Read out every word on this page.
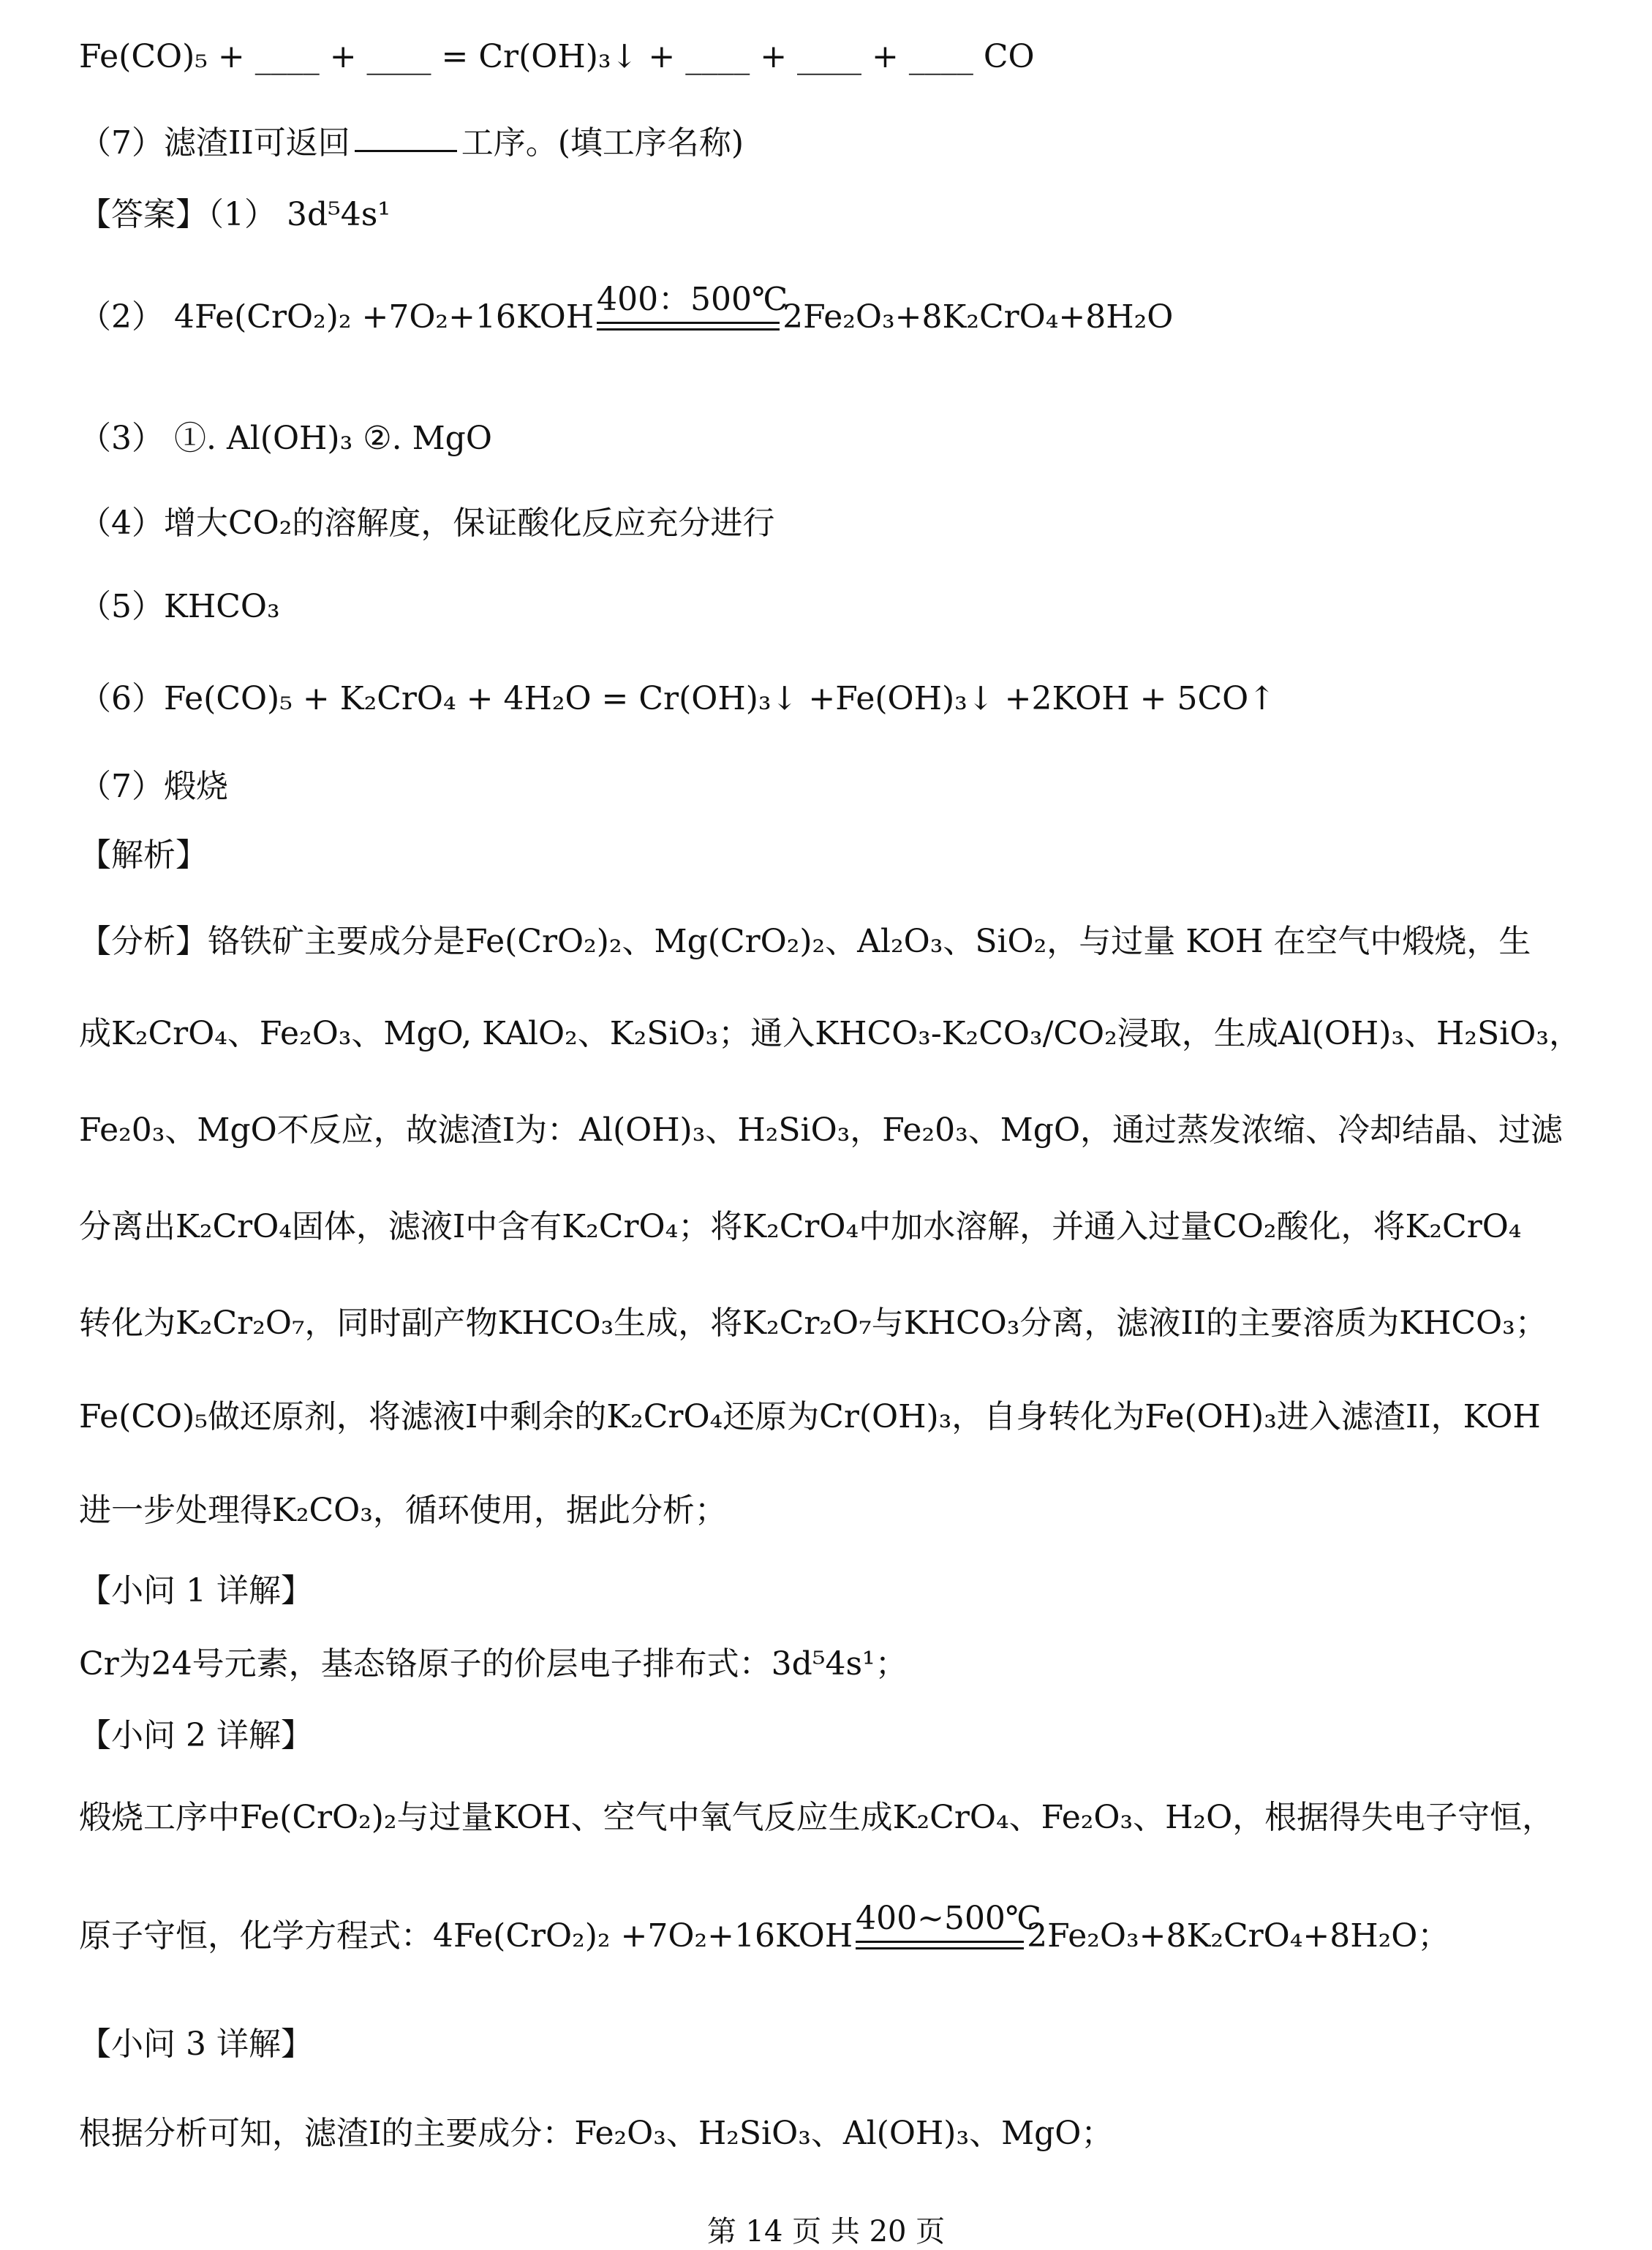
Fe(CO)₅ + ____ + ____ = Cr(OH)₃↓ + ____ + ____ + ____ CO
（7）滤渣II可返回	工序。(填工序名称)
【答案】（1） 3d⁵4s¹
（2） 4Fe(CrO₂)₂ +7O₂+16KOH 400：500℃
2Fe₂O₃+8K₂CrO₄+8H₂O
（3） ①. Al(OH)₃ ②. MgO
（4）增大CO₂的溶解度，保证酸化反应充分进行
（5）KHCO₃
（6）Fe(CO)₅ + K₂CrO₄ + 4H₂O = Cr(OH)₃↓ +Fe(OH)₃↓ +2KOH + 5CO↑
（7）煅烧
【解析】
【分析】铬铁矿主要成分是Fe(CrO₂)₂、Mg(CrO₂)₂、Al₂O₃、SiO₂，与过量 KOH 在空气中煅烧，生
成K₂CrO₄、Fe₂O₃、MgO, KAlO₂、K₂SiO₃；通入KHCO₃-K₂CO₃/CO₂浸取，生成Al(OH)₃、H₂SiO₃，
Fe₂0₃、MgO不反应，故滤渣I为：Al(OH)₃、H₂SiO₃，Fe₂0₃、MgO，通过蒸发浓缩、冷却结晶、过滤
分离出K₂CrO₄固体，滤液I中含有K₂CrO₄；将K₂CrO₄中加水溶解，并通入过量CO₂酸化，将K₂CrO₄
转化为K₂Cr₂O₇，同时副产物KHCO₃生成，将K₂Cr₂O₇与KHCO₃分离，滤液II的主要溶质为KHCO₃；
Fe(CO)₅做还原剂，将滤液I中剩余的K₂CrO₄还原为Cr(OH)₃，自身转化为Fe(OH)₃进入滤渣II，KOH
进一步处理得K₂CO₃，循环使用，据此分析；
【小问 1 详解】
Cr为24号元素，基态铬原子的价层电子排布式：3d⁵4s¹；
【小问 2 详解】
煅烧工序中Fe(CrO₂)₂与过量KOH、空气中氧气反应生成K₂CrO₄、Fe₂O₃、H₂O，根据得失电子守恒，
原子守恒，化学方程式：4Fe(CrO₂)₂ +7O₂+16KOH 400~500℃
2Fe₂O₃+8K₂CrO₄+8H₂O；
【小问 3 详解】
根据分析可知，滤渣I的主要成分：Fe₂O₃、H₂SiO₃、Al(OH)₃、MgO；
第 14 页 共 20 页
